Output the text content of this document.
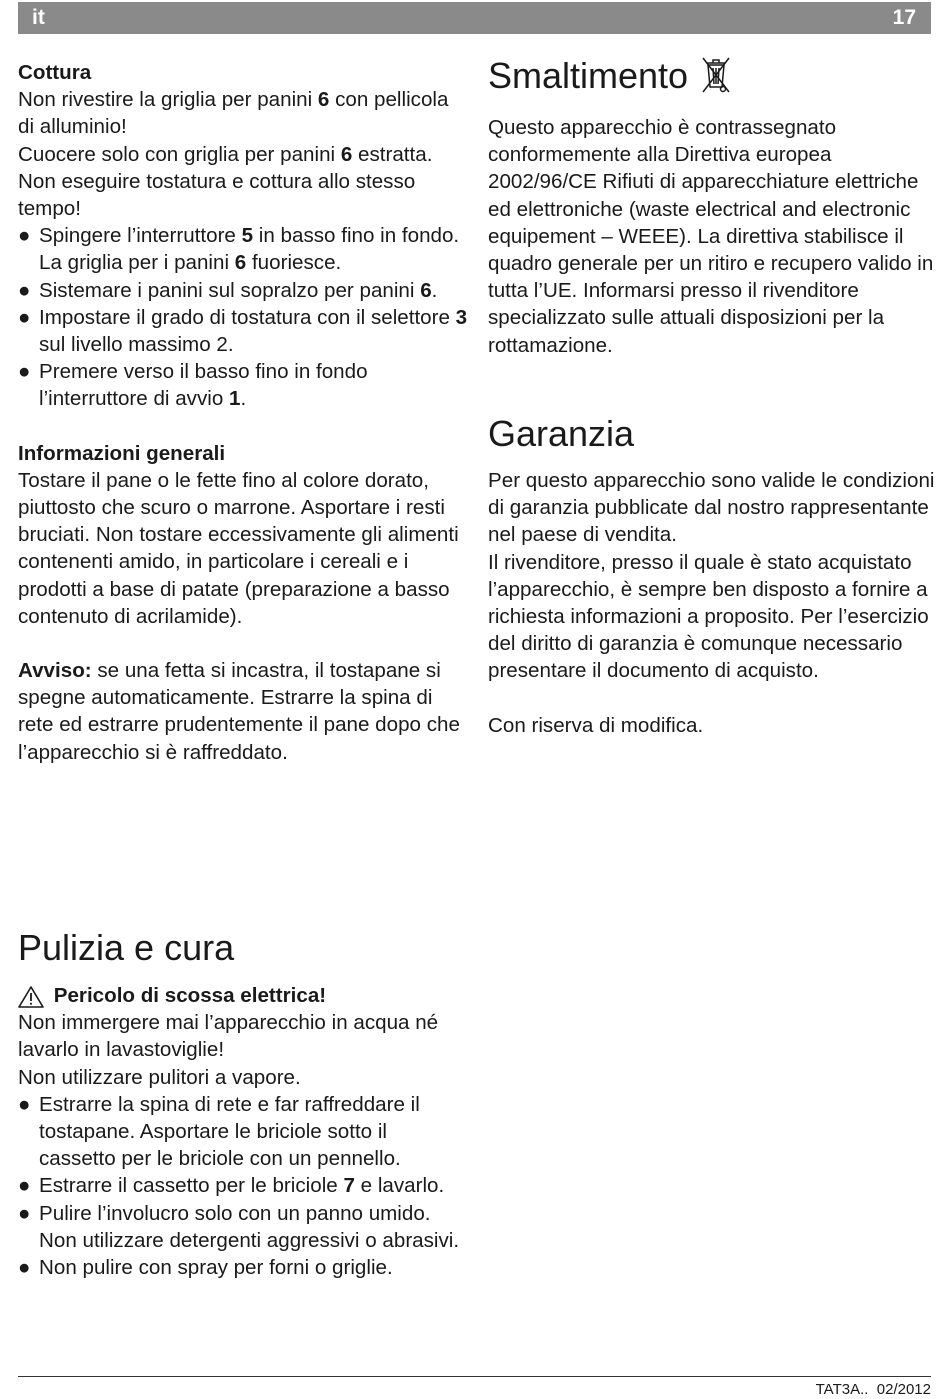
it	17

Cottura

Non rivestire la griglia per panini 6 con pellicola di alluminio!

Cuocere solo con griglia per panini 6 estratta.

Non eseguire tostatura e cottura allo stesso tempo!

● Spingere l’interruttore 5 in basso fino in fondo. La griglia per i panini 6 fuoriesce.
● Sistemare i panini sul sopralzo per panini 6.
● Impostare il grado di tostatura con il selettore 3 sul livello massimo 2.
● Premere verso il basso fino in fondo l’interruttore di avvio 1.

Informazioni generali

Tostare il pane o le fette fino al colore dorato, piuttosto che scuro o marrone. Asportare i resti bruciati. Non tostare eccessivamente gli alimenti contenenti amido, in particolare i cereali e i prodotti a base di patate (preparazione a basso contenuto di acrilamide).

Avviso: se una fetta si incastra, il tostapane si spegne automaticamente. Estrarre la spina di rete ed estrarre prudentemente il pane dopo che l’apparecchio si è raffreddato.

Pulizia e cura

Pericolo di scossa elettrica!

Non immergere mai l’apparecchio in acqua né lavarlo in lavastoviglie!

Non utilizzare pulitori a vapore.

● Estrarre la spina di rete e far raffreddare il tostapane. Asportare le briciole sotto il cassetto per le briciole con un pennello.
● Estrarre il cassetto per le briciole 7 e lavarlo.
● Pulire l’involucro solo con un panno umido. Non utilizzare detergenti aggressivi o abrasivi.
● Non pulire con spray per forni o griglie.
Smaltimento

Questo apparecchio è contrassegnato conformemente alla Direttiva europea 2002/96/CE Rifiuti di apparecchiature elettriche ed elettroniche (waste electrical and electronic equipement – WEEE). La direttiva stabilisce il quadro generale per un ritiro e recupero valido in tutta l’UE. Informarsi presso il rivenditore specializzato sulle attuali disposizioni per la rottamazione.

Garanzia

Per questo apparecchio sono valide le condizioni di garanzia pubblicate dal nostro rappresentante nel paese di vendita.

Il rivenditore, presso il quale è stato acquistato l’apparecchio, è sempre ben disposto a fornire a richiesta informazioni a proposito. Per l’esercizio del diritto di garanzia è comunque necessario presentare il documento di acquisto.

Con riserva di modifica.

TAT3A.. 02/2012
